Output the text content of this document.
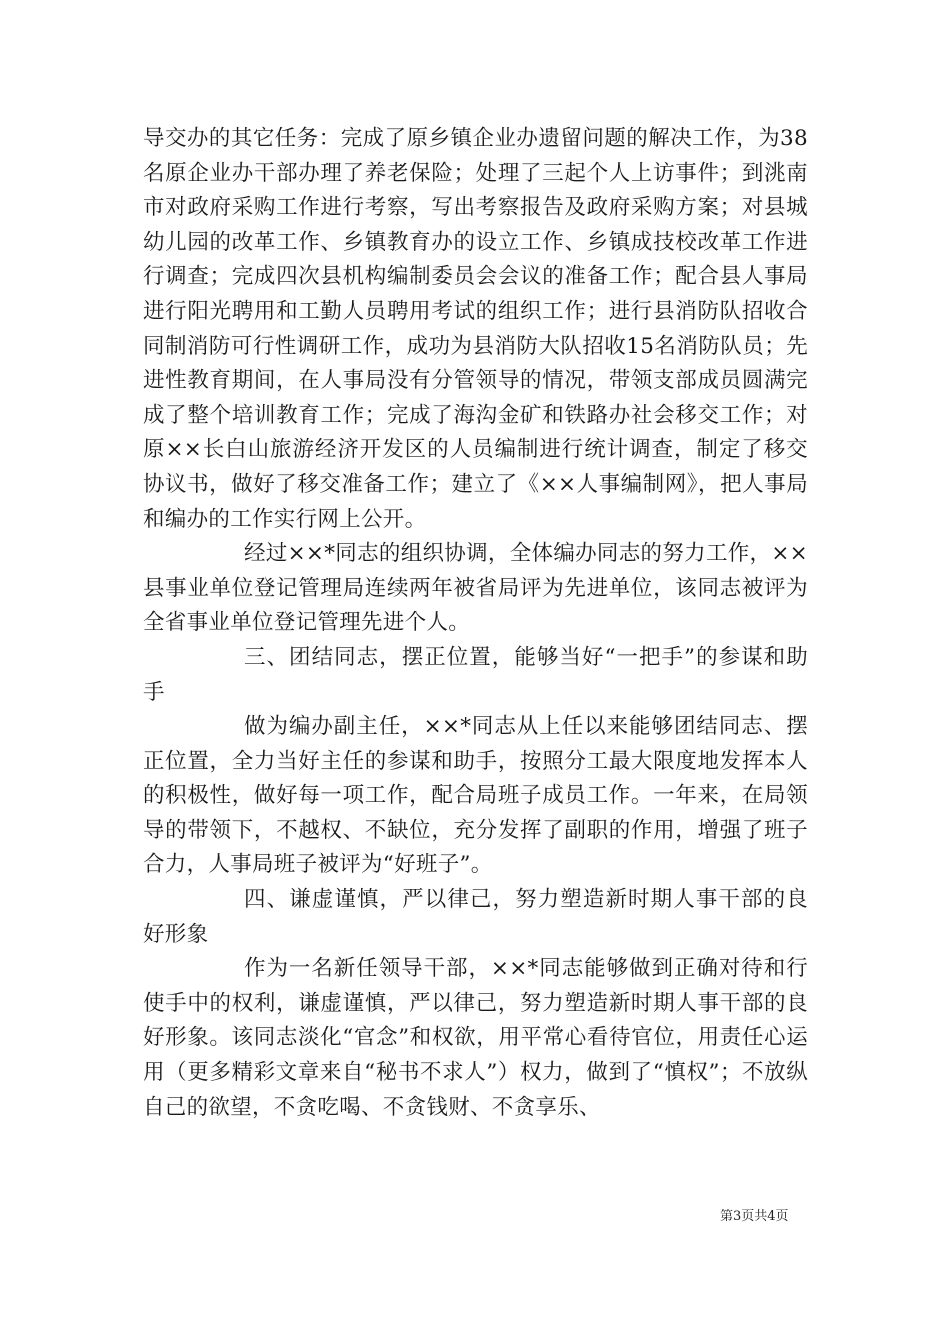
导交办的其它任务：完成了原乡镇企业办遗留问题的解决工作，为38名原企业办干部办理了养老保险；处理了三起个人上访事件；到洮南市对政府采购工作进行考察，写出考察报告及政府采购方案；对县城幼儿园的改革工作、乡镇教育办的设立工作、乡镇成技校改革工作进行调查；完成四次县机构编制委员会会议的准备工作；配合县人事局进行阳光聘用和工勤人员聘用考试的组织工作；进行县消防队招收合同制消防可行性调研工作，成功为县消防大队招收15名消防队员；先进性教育期间，在人事局没有分管领导的情况，带领支部成员圆满完成了整个培训教育工作；完成了海沟金矿和铁路办社会移交工作；对原××长白山旅游经济开发区的人员编制进行统计调查，制定了移交协议书，做好了移交准备工作；建立了《××人事编制网》，把人事局和编办的工作实行网上公开。

经过××*同志的组织协调，全体编办同志的努力工作，××县事业单位登记管理局连续两年被省局评为先进单位，该同志被评为全省事业单位登记管理先进个人。

三、团结同志，摆正位置，能够当好“一把手”的参谋和助手

做为编办副主任，××*同志从上任以来能够团结同志、摆正位置，全力当好主任的参谋和助手，按照分工最大限度地发挥本人的积极性，做好每一项工作，配合局班子成员工作。一年来，在局领导的带领下，不越权、不缺位，充分发挥了副职的作用，增强了班子合力，人事局班子被评为“好班子”。

四、谦虚谨慎，严以律己，努力塑造新时期人事干部的良好形象

作为一名新任领导干部，××*同志能够做到正确对待和行使手中的权利，谦虚谨慎，严以律己，努力塑造新时期人事干部的良好形象。该同志淡化“官念”和权欲，用平常心看待官位，用责任心运用（更多精彩文章来自“秘书不求人”）权力，做到了“慎权”；不放纵自己的欲望，不贪吃喝、不贪钱财、不贪享乐、

第3页共4页
